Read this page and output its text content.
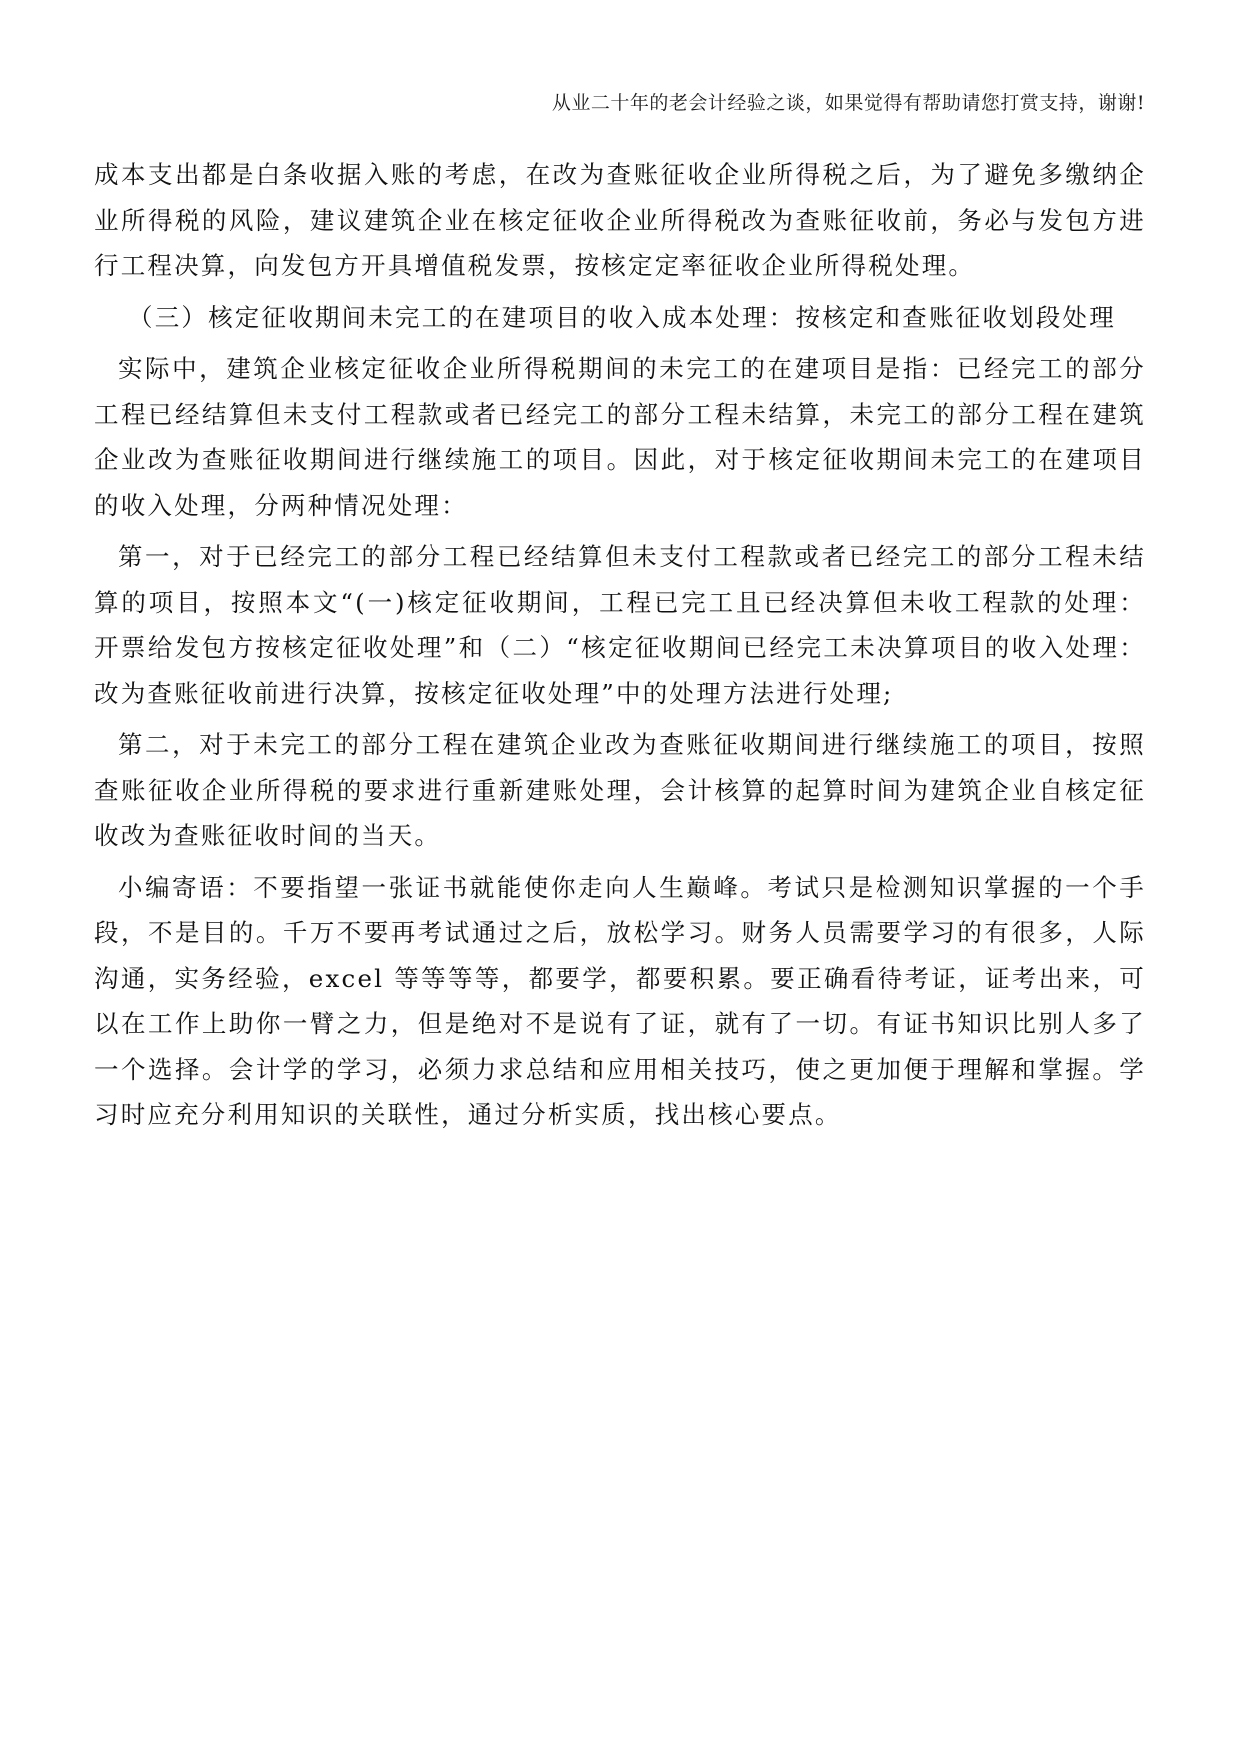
从业二十年的老会计经验之谈，如果觉得有帮助请您打赏支持，谢谢!

成本支出都是白条收据入账的考虑，在改为查账征收企业所得税之后，为了避免多缴纳企业所得税的风险，建议建筑企业在核定征收企业所得税改为查账征收前，务必与发包方进行工程决算，向发包方开具增值税发票，按核定定率征收企业所得税处理。

（三）核定征收期间未完工的在建项目的收入成本处理：按核定和查账征收划段处理

实际中，建筑企业核定征收企业所得税期间的未完工的在建项目是指：已经完工的部分工程已经结算但未支付工程款或者已经完工的部分工程未结算，未完工的部分工程在建筑企业改为查账征收期间进行继续施工的项目。因此，对于核定征收期间未完工的在建项目的收入处理，分两种情况处理：

第一，对于已经完工的部分工程已经结算但未支付工程款或者已经完工的部分工程未结算的项目，按照本文“(一)核定征收期间，工程已完工且已经决算但未收工程款的处理：开票给发包方按核定征收处理”和（二）“核定征收期间已经完工未决算项目的收入处理：改为查账征收前进行决算，按核定征收处理”中的处理方法进行处理;

第二，对于未完工的部分工程在建筑企业改为查账征收期间进行继续施工的项目，按照查账征收企业所得税的要求进行重新建账处理，会计核算的起算时间为建筑企业自核定征收改为查账征收时间的当天。

小编寄语：不要指望一张证书就能使你走向人生巅峰。考试只是检测知识掌握的一个手段，不是目的。千万不要再考试通过之后，放松学习。财务人员需要学习的有很多，人际沟通，实务经验，excel 等等等等，都要学，都要积累。要正确看待考证，证考出来，可以在工作上助你一臂之力，但是绝对不是说有了证，就有了一切。有证书知识比别人多了一个选择。会计学的学习，必须力求总结和应用相关技巧，使之更加便于理解和掌握。学习时应充分利用知识的关联性，通过分析实质，找出核心要点。
